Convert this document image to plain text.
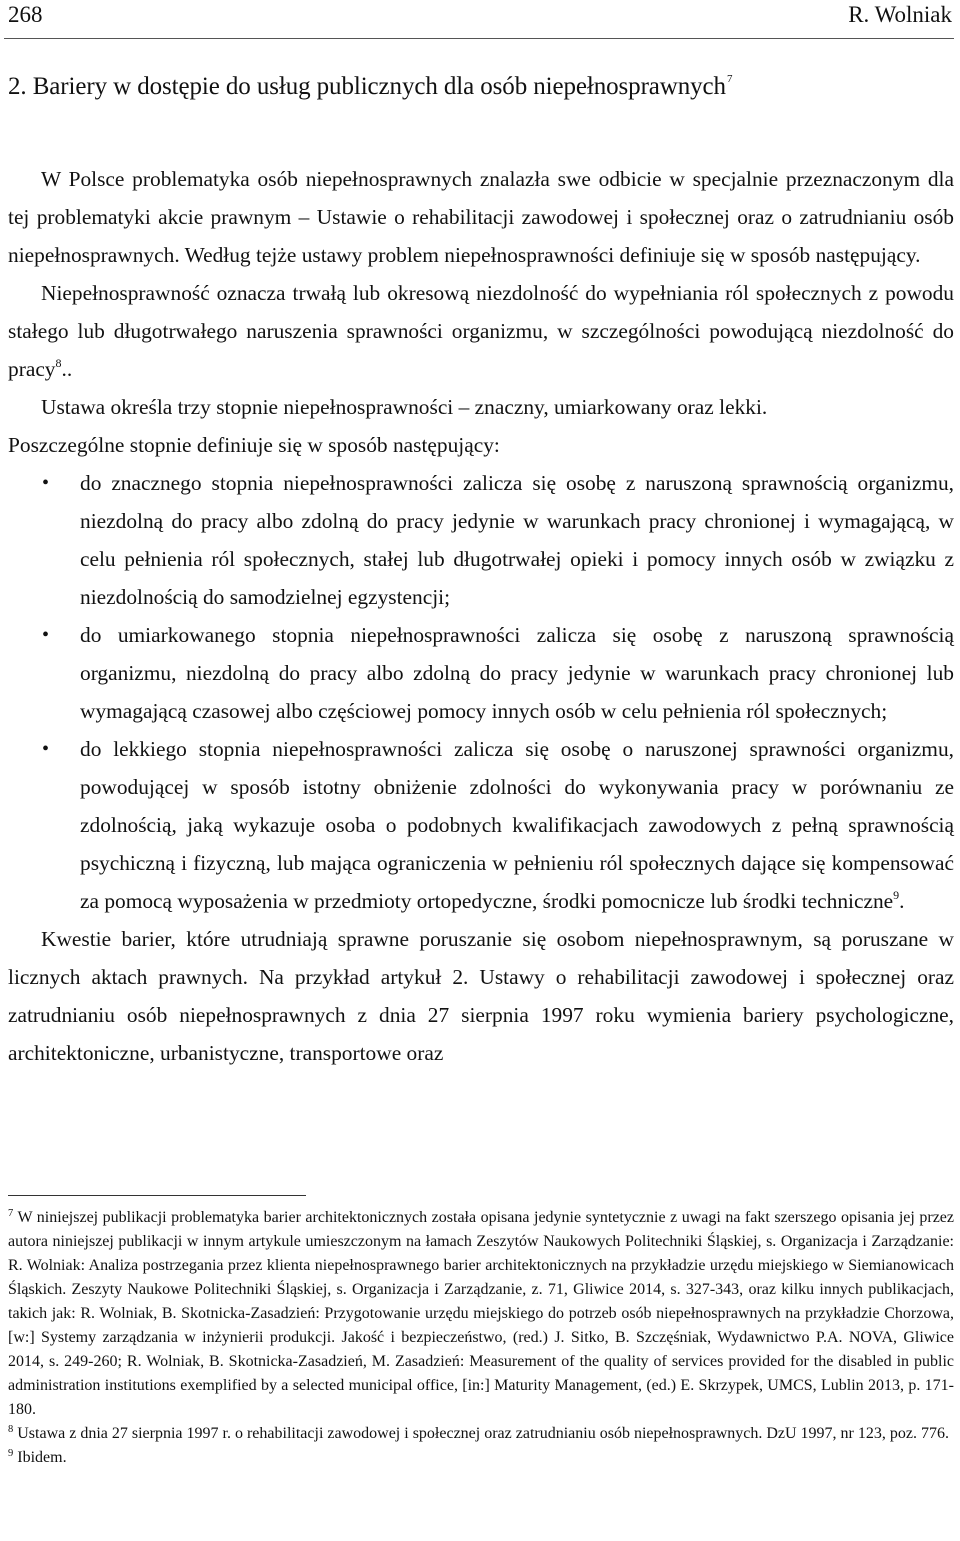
268	R. Wolniak
2. Bariery w dostępie do usług publicznych dla osób niepełnosprawnych$^7$

W Polsce problematyka osób niepełnosprawnych znalazła swe odbicie w specjalnie przeznaczonym dla tej problematyki akcie prawnym – Ustawie o rehabilitacji zawodowej i społecznej oraz o zatrudnianiu osób niepełnosprawnych. Według tejże ustawy problem niepełnosprawności definiuje się w sposób następujący.

Niepełnosprawność oznacza trwałą lub okresową niezdolność do wypełniania ról społecznych z powodu stałego lub długotrwałego naruszenia sprawności organizmu, w szczególności powodującą niezdolność do pracy$^8$..

Ustawa określa trzy stopnie niepełnosprawności – znaczny, umiarkowany oraz lekki.

Poszczególne stopnie definiuje się w sposób następujący:

• do znacznego stopnia niepełnosprawności zalicza się osobę z naruszoną sprawnością organizmu, niezdolną do pracy albo zdolną do pracy jedynie w warunkach pracy chronionej i wymagającą, w celu pełnienia ról społecznych, stałej lub długotrwałej opieki i pomocy innych osób w związku z niezdolnością do samodzielnej egzystencji;
• do umiarkowanego stopnia niepełnosprawności zalicza się osobę z naruszoną sprawnością organizmu, niezdolną do pracy albo zdolną do pracy jedynie w warunkach pracy chronionej lub wymagającą czasowej albo częściowej pomocy innych osób w celu pełnienia ról społecznych;
• do lekkiego stopnia niepełnosprawności zalicza się osobę o naruszonej sprawności organizmu, powodującej w sposób istotny obniżenie zdolności do wykonywania pracy w porównaniu ze zdolnością, jaką wykazuje osoba o podobnych kwalifikacjach zawodowych z pełną sprawnością psychiczną i fizyczną, lub mająca ograniczenia w pełnieniu ról społecznych dające się kompensować za pomocą wyposażenia w przedmioty ortopedyczne, środki pomocnicze lub środki techniczne$^9$.

Kwestie barier, które utrudniają sprawne poruszanie się osobom niepełnosprawnym, są poruszane w licznych aktach prawnych. Na przykład artykuł 2. Ustawy o rehabilitacji zawodowej i społecznej oraz zatrudnianiu osób niepełnosprawnych z dnia 27 sierpnia 1997 roku wymienia bariery psychologiczne, architektoniczne, urbanistyczne, transportowe oraz

$^7$ W niniejszej publikacji problematyka barier architektonicznych została opisana jedynie syntetycznie z uwagi na fakt szerszego opisania jej przez autora niniejszej publikacji w innym artykule umieszczonym na łamach Zeszytów Naukowych Politechniki Śląskiej, s. Organizacja i Zarządzanie: R. Wolniak: Analiza postrzegania przez klienta niepełnosprawnego barier architektonicznych na przykładzie urzędu miejskiego w Siemianowicach Śląskich. Zeszyty Naukowe Politechniki Śląskiej, s. Organizacja i Zarządzanie, z. 71, Gliwice 2014, s. 327-343, oraz kilku innych publikacjach, takich jak: R. Wolniak, B. Skotnicka-Zasadzień: Przygotowanie urzędu miejskiego do potrzeb osób niepełnosprawnych na przykładzie Chorzowa, [w:] Systemy zarządzania w inżynierii produkcji. Jakość i bezpieczeństwo, (red.) J. Sitko, B. Szczęśniak, Wydawnictwo P.A. NOVA, Gliwice 2014, s. 249-260; R. Wolniak, B. Skotnicka-Zasadzień, M. Zasadzień: Measurement of the quality of services provided for the disabled in public administration institutions exemplified by a selected municipal office, [in:] Maturity Management, (ed.) E. Skrzypek, UMCS, Lublin 2013, p. 171-180.

$^8$ Ustawa z dnia 27 sierpnia 1997 r. o rehabilitacji zawodowej i społecznej oraz zatrudnianiu osób niepełnosprawnych. DzU 1997, nr 123, poz. 776.

$^9$ Ibidem.
